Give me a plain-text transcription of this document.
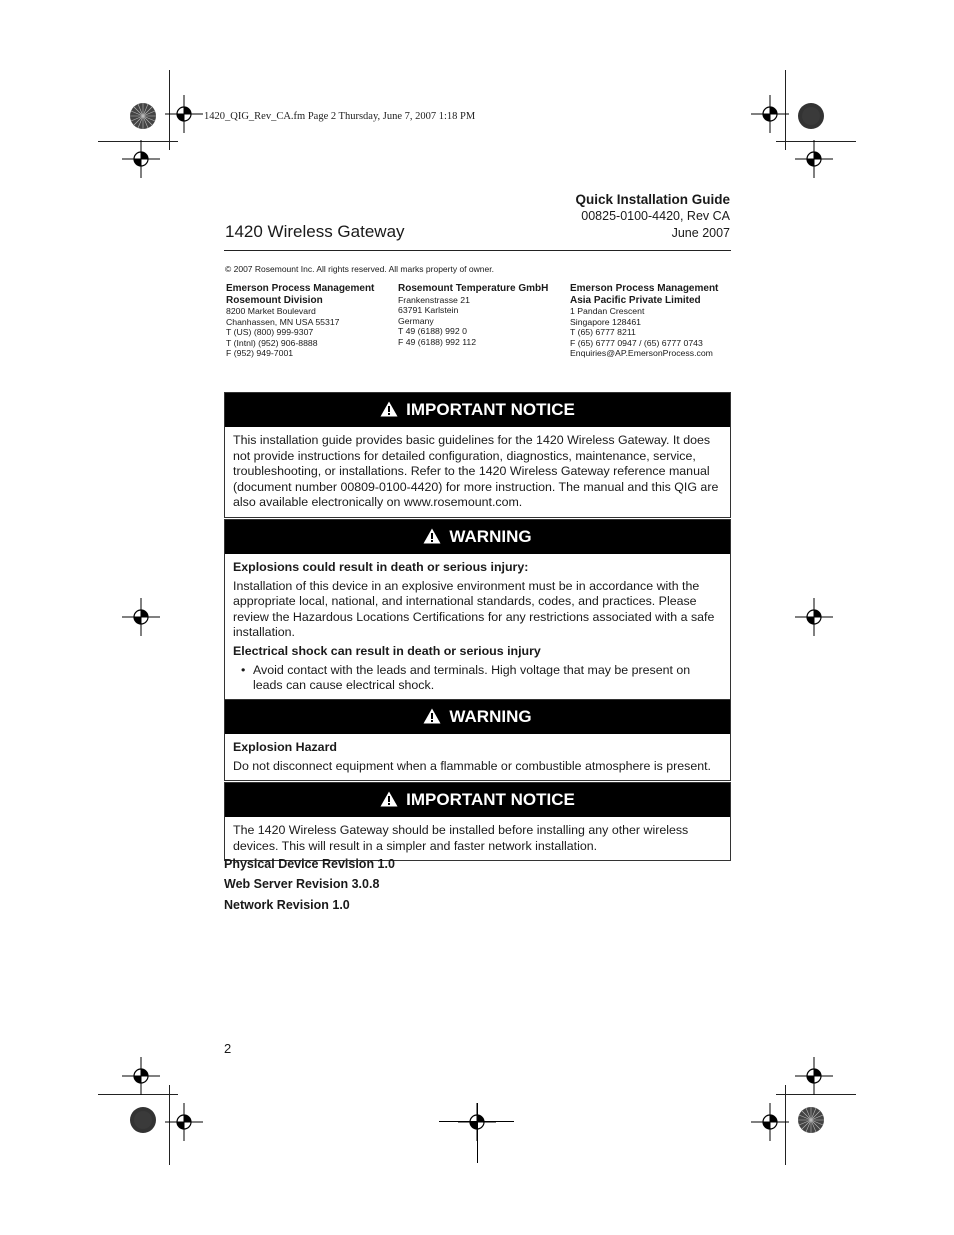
1420_QIG_Rev_CA.fm Page 2 Thursday, June 7, 2007 1:18 PM
Quick Installation Guide
00825-0100-4420, Rev CA
June 2007
1420 Wireless Gateway
© 2007 Rosemount Inc. All rights reserved. All marks property of owner.
Emerson Process Management
Rosemount Division
8200 Market Boulevard
Chanhassen, MN USA 55317
T (US) (800) 999-9307
T (Intnl) (952) 906-8888
F (952) 949-7001
Rosemount Temperature GmbH
Frankenstrasse 21
63791 Karlstein
Germany
T 49 (6188) 992 0
F 49 (6188) 992 112
Emerson Process Management
Asia Pacific Private Limited
1 Pandan Crescent
Singapore 128461
T (65) 6777 8211
F (65) 6777 0947 / (65) 6777 0743
Enquiries@AP.EmersonProcess.com
IMPORTANT NOTICE

This installation guide provides basic guidelines for the 1420 Wireless Gateway. It does not provide instructions for detailed configuration, diagnostics, maintenance, service, troubleshooting, or installations. Refer to the 1420 Wireless Gateway reference manual (document number 00809-0100-4420) for more instruction. The manual and this QIG are also available electronically on www.rosemount.com.

WARNING

Explosions could result in death or serious injury:

Installation of this device in an explosive environment must be in accordance with the appropriate local, national, and international standards, codes, and practices. Please review the Hazardous Locations Certifications for any restrictions associated with a safe installation.

Electrical shock can result in death or serious injury

• Avoid contact with the leads and terminals. High voltage that may be present on leads can cause electrical shock.

WARNING

Explosion Hazard

Do not disconnect equipment when a flammable or combustible atmosphere is present.

IMPORTANT NOTICE

The 1420 Wireless Gateway should be installed before installing any other wireless devices. This will result in a simpler and faster network installation.

Physical Device Revision 1.0
Web Server Revision 3.0.8
Network Revision 1.0
2
